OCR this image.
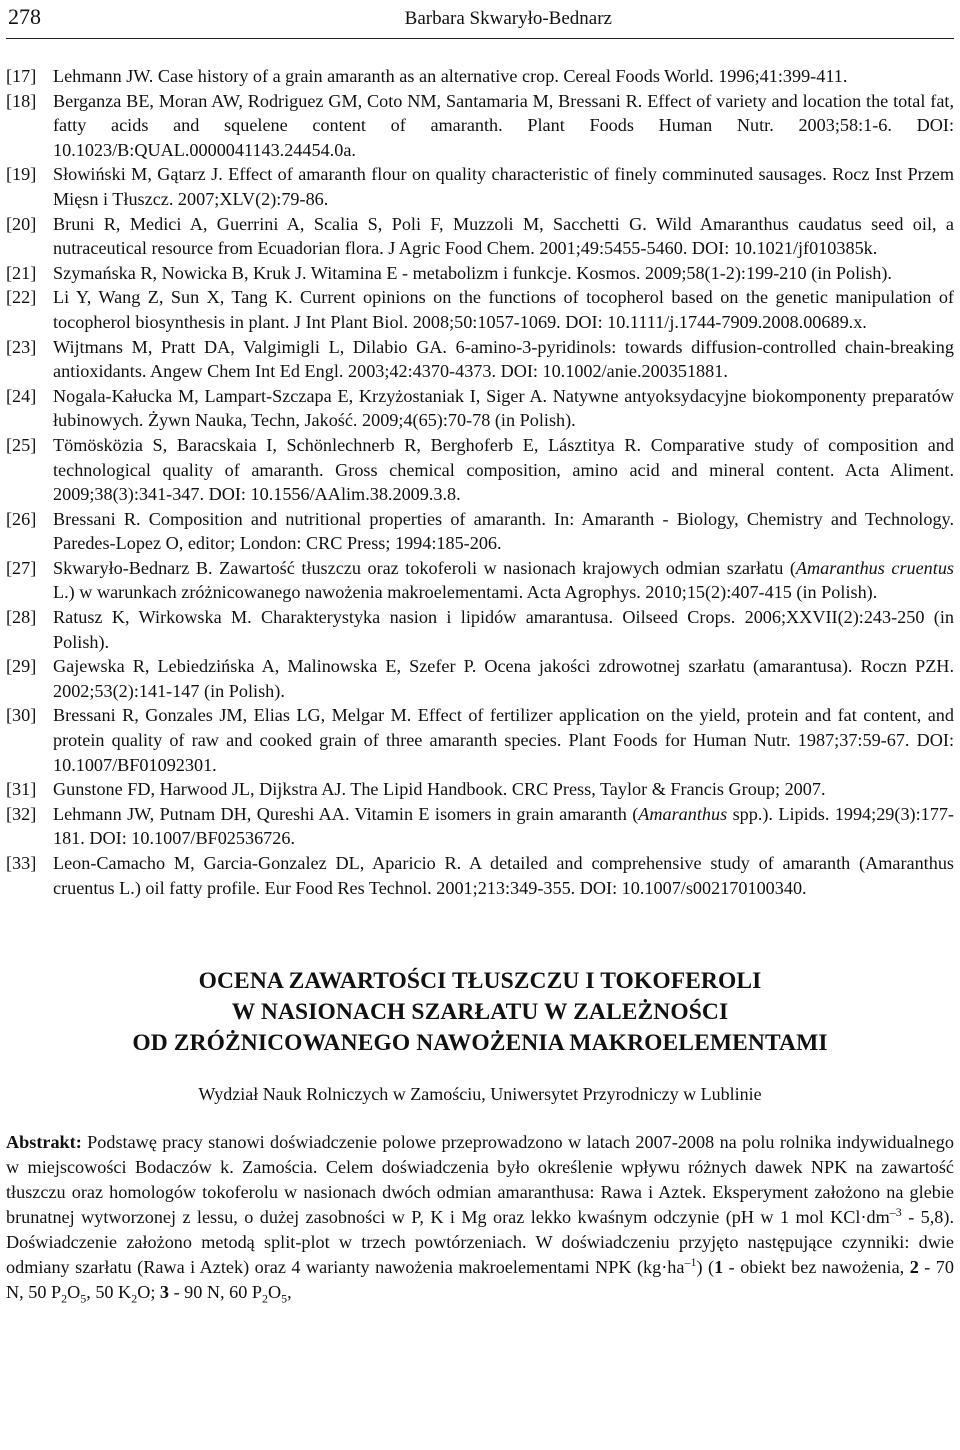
278	Barbara Skwaryło-Bednarz
[17] Lehmann JW. Case history of a grain amaranth as an alternative crop. Cereal Foods World. 1996;41:399-411.
[18] Berganza BE, Moran AW, Rodriguez GM, Coto NM, Santamaria M, Bressani R. Effect of variety and location the total fat, fatty acids and squelene content of amaranth. Plant Foods Human Nutr. 2003;58:1-6. DOI: 10.1023/B:QUAL.0000041143.24454.0a.
[19] Słowiński M, Gątarz J. Effect of amaranth flour on quality characteristic of finely comminuted sausages. Rocz Inst Przem Mięsn i Tłuszcz. 2007;XLV(2):79-86.
[20] Bruni R, Medici A, Guerrini A, Scalia S, Poli F, Muzzoli M, Sacchetti G. Wild Amaranthus caudatus seed oil, a nutraceutical resource from Ecuadorian flora. J Agric Food Chem. 2001;49:5455-5460. DOI: 10.1021/jf010385k.
[21] Szymańska R, Nowicka B, Kruk J. Witamina E - metabolizm i funkcje. Kosmos. 2009;58(1-2):199-210 (in Polish).
[22] Li Y, Wang Z, Sun X, Tang K. Current opinions on the functions of tocopherol based on the genetic manipulation of tocopherol biosynthesis in plant. J Int Plant Biol. 2008;50:1057-1069. DOI: 10.1111/j.1744-7909.2008.00689.x.
[23] Wijtmans M, Pratt DA, Valgimigli L, Dilabio GA. 6-amino-3-pyridinols: towards diffusion-controlled chain-breaking antioxidants. Angew Chem Int Ed Engl. 2003;42:4370-4373. DOI: 10.1002/anie.200351881.
[24] Nogala-Kałucka M, Lampart-Szczapa E, Krzyżostaniak I, Siger A. Natywne antyoksydacyjne biokomponenty preparatów łubinowych. Żywn Nauka, Techn, Jakość. 2009;4(65):70-78 (in Polish).
[25] Tömösközia S, Baracskaia I, Schönlechnerb R, Berghoferb E, Lásztitya R. Comparative study of composition and technological quality of amaranth. Gross chemical composition, amino acid and mineral content. Acta Aliment. 2009;38(3):341-347. DOI: 10.1556/AAlim.38.2009.3.8.
[26] Bressani R. Composition and nutritional properties of amaranth. In: Amaranth - Biology, Chemistry and Technology. Paredes-Lopez O, editor; London: CRC Press; 1994:185-206.
[27] Skwaryło-Bednarz B. Zawartość tłuszczu oraz tokoferoli w nasionach krajowych odmian szarłatu (Amaranthus cruentus L.) w warunkach zróżnicowanego nawożenia makroelementami. Acta Agrophys. 2010;15(2):407-415 (in Polish).
[28] Ratusz K, Wirkowska M. Charakterystyka nasion i lipidów amarantusa. Oilseed Crops. 2006;XXVII(2):243-250 (in Polish).
[29] Gajewska R, Lebiedzińska A, Malinowska E, Szefer P. Ocena jakości zdrowotnej szarłatu (amarantusa). Roczn PZH. 2002;53(2):141-147 (in Polish).
[30] Bressani R, Gonzales JM, Elias LG, Melgar M. Effect of fertilizer application on the yield, protein and fat content, and protein quality of raw and cooked grain of three amaranth species. Plant Foods for Human Nutr. 1987;37:59-67. DOI: 10.1007/BF01092301.
[31] Gunstone FD, Harwood JL, Dijkstra AJ. The Lipid Handbook. CRC Press, Taylor & Francis Group; 2007.
[32] Lehmann JW, Putnam DH, Qureshi AA. Vitamin E isomers in grain amaranth (Amaranthus spp.). Lipids. 1994;29(3):177-181. DOI: 10.1007/BF02536726.
[33] Leon-Camacho M, Garcia-Gonzalez DL, Aparicio R. A detailed and comprehensive study of amaranth (Amaranthus cruentus L.) oil fatty profile. Eur Food Res Technol. 2001;213:349-355. DOI: 10.1007/s002170100340.
OCENA ZAWARTOŚCI TŁUSZCZU I TOKOFEROLI
W NASIONACH SZARŁATU W ZALEŻNOŚCI
OD ZRÓŻNICOWANEGO NAWOŻENIA MAKROELEMENTAMI
Wydział Nauk Rolniczych w Zamościu, Uniwersytet Przyrodniczy w Lublinie
Abstrakt: Podstawę pracy stanowi doświadczenie polowe przeprowadzono w latach 2007-2008 na polu rolnika indywidualnego w miejscowości Bodaczów k. Zamościa. Celem doświadczenia było określenie wpływu różnych dawek NPK na zawartość tłuszczu oraz homologów tokoferolu w nasionach dwóch odmian amaranthusa: Rawa i Aztek. Eksperyment założono na glebie brunatnej wytworzonej z lessu, o dużej zasobności w P, K i Mg oraz lekko kwaśnym odczynie (pH w 1 mol $KCl\cdot dm^{-3} - 5,8$). Doświadczenie założono metodą split-plot w trzech powtórzeniach. W doświadczeniu przyjęto następujące czynniki: dwie odmiany szarłatu (Rawa i Aztek) oraz 4 warianty nawożenia makroelementami NPK $(kg\cdot ha^{-1})$ (1 - obiekt bez nawożenia, 2 - 70 N, 50 $P_2O_5$, 50 $K_2O$; 3 - 90 N, 60 $P_2O_5$,
